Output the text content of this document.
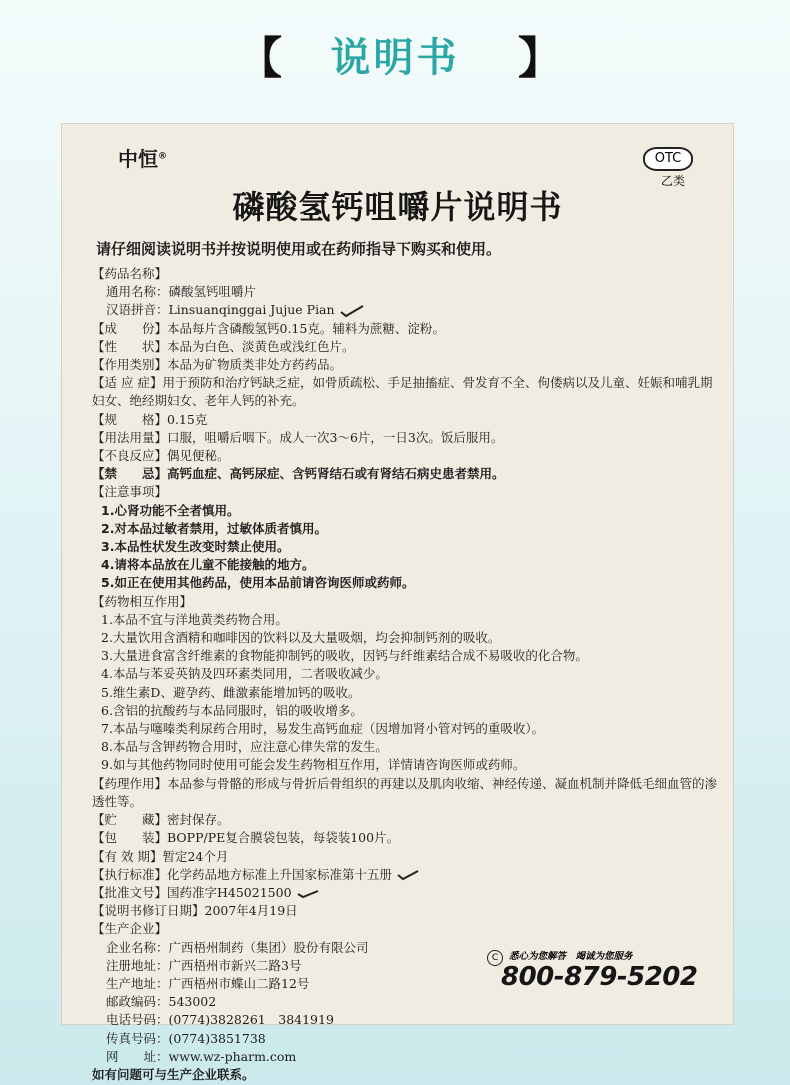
【	说明书	】
中恒®	OTC
乙类
磷酸氢钙咀嚼片说明书
请仔细阅读说明书并按说明使用或在药师指导下购买和使用。
【药品名称】
通用名称：磷酸氢钙咀嚼片
汉语拼音：Linsuanqinggai Jujue Pian
【成　　份】本品每片含磷酸氢钙0.15克。辅料为蔗糖、淀粉。
【性　　状】本品为白色、淡黄色或浅红色片。
【作用类别】本品为矿物质类非处方药药品。
【适 应 症】用于预防和治疗钙缺乏症，如骨质疏松、手足抽搐症、骨发育不全、佝偻病以及儿童、妊娠和哺乳期妇女、绝经期妇女、老年人钙的补充。
【规　　格】0.15克
【用法用量】口服，咀嚼后咽下。成人一次3～6片，一日3次。饭后服用。
【不良反应】偶见便秘。
【禁　　忌】高钙血症、高钙尿症、含钙肾结石或有肾结石病史患者禁用。
【注意事项】
1.心肾功能不全者慎用。
2.对本品过敏者禁用，过敏体质者慎用。
3.本品性状发生改变时禁止使用。
4.请将本品放在儿童不能接触的地方。
5.如正在使用其他药品，使用本品前请咨询医师或药师。
【药物相互作用】
1.本品不宜与洋地黄类药物合用。
2.大量饮用含酒精和咖啡因的饮料以及大量吸烟，均会抑制钙剂的吸收。
3.大量进食富含纤维素的食物能抑制钙的吸收，因钙与纤维素结合成不易吸收的化合物。
4.本品与苯妥英钠及四环素类同用，二者吸收减少。
5.维生素D、避孕药、雌激素能增加钙的吸收。
6.含铝的抗酸药与本品同服时，铝的吸收增多。
7.本品与噻嗪类利尿药合用时，易发生高钙血症（因增加肾小管对钙的重吸收）。
8.本品与含钾药物合用时，应注意心律失常的发生。
9.如与其他药物同时使用可能会发生药物相互作用，详情请咨询医师或药师。
【药理作用】本品参与骨骼的形成与骨折后骨组织的再建以及肌肉收缩、神经传递、凝血机制并降低毛细血管的渗透性等。
【贮　　藏】密封保存。
【包　　装】BOPP/PE复合膜袋包装，每袋装100片。
【有 效 期】暂定24个月
【执行标准】化学药品地方标准上升国家标准第十五册
【批准文号】国药准字H45021500
【说明书修订日期】2007年4月19日
【生产企业】
企业名称：广西梧州制药（集团）股份有限公司
注册地址：广西梧州市新兴二路3号
生产地址：广西梧州市蝶山二路12号
邮政编码：543002
电话号码：(0774)3828261　3841919
传真号码：(0774)3851738
网　　址：www.wz-pharm.com
如有问题可与生产企业联系。
C	悉心为您解答　竭诚为您服务
800-879-5202
